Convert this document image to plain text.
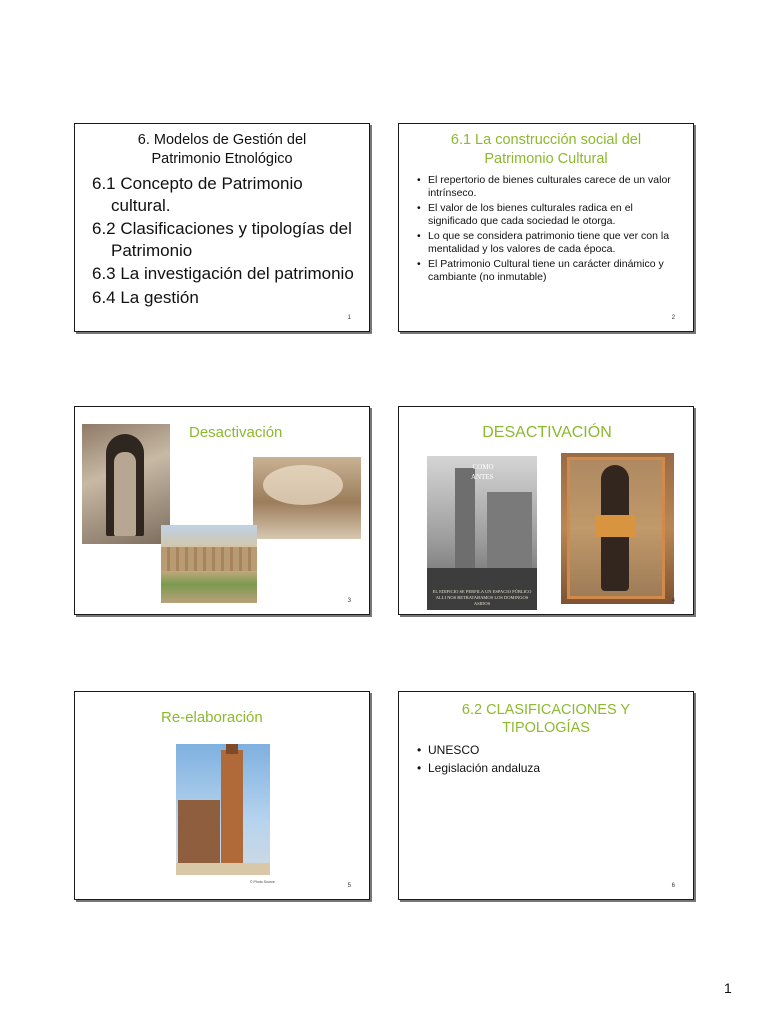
6. Modelos de Gestión del
Patrimonio Etnológico
6.1 Concepto de Patrimonio cultural.
6.2 Clasificaciones y tipologías del Patrimonio
6.3 La investigación del patrimonio
6.4 La gestión
1
6.1 La construcción social del
Patrimonio Cultural
• El repertorio de bienes culturales carece de un valor intrínseco.
• El valor de los bienes culturales radica en el significado que cada sociedad le otorga.
• Lo que se considera patrimonio tiene que ver con la mentalidad y los valores de cada época.
• El Patrimonio Cultural tiene un carácter dinámico y cambiante (no inmutable)
2
Desactivación
3
DESACTIVACIÓN
COMO
ANTES
EL EDIFICIO SE PERFILA UN ESPACIO PÚBLICO ALLI NOS RETRATABAMOS LOS DOMINGOS ASIDOS	4
Re-elaboración
© Photo Source
5
6.2 CLASIFICACIONES Y
TIPOLOGÍAS
• UNESCO
• Legislación andaluza
6
1
